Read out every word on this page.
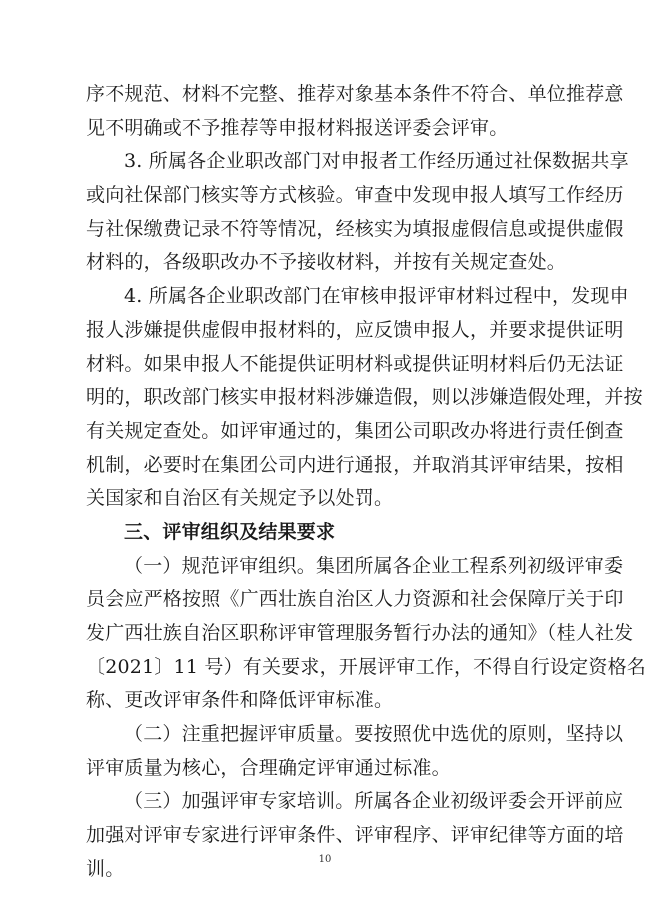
序不规范、材料不完整、推荐对象基本条件不符合、单位推荐意
见不明确或不予推荐等申报材料报送评委会评审。
3. 所属各企业职改部门对申报者工作经历通过社保数据共享
或向社保部门核实等方式核验。审查中发现申报人填写工作经历
与社保缴费记录不符等情况，经核实为填报虚假信息或提供虚假
材料的，各级职改办不予接收材料，并按有关规定查处。
4. 所属各企业职改部门在审核申报评审材料过程中，发现申
报人涉嫌提供虚假申报材料的，应反馈申报人，并要求提供证明
材料。如果申报人不能提供证明材料或提供证明材料后仍无法证
明的，职改部门核实申报材料涉嫌造假，则以涉嫌造假处理，并按
有关规定查处。如评审通过的，集团公司职改办将进行责任倒查
机制，必要时在集团公司内进行通报，并取消其评审结果，按相
关国家和自治区有关规定予以处罚。
三、评审组织及结果要求
（一）规范评审组织。集团所属各企业工程系列初级评审委
员会应严格按照《广西壮族自治区人力资源和社会保障厅关于印
发广西壮族自治区职称评审管理服务暂行办法的通知》（桂人社发
〔2021〕11 号）有关要求，开展评审工作，不得自行设定资格名
称、更改评审条件和降低评审标准。
（二）注重把握评审质量。要按照优中选优的原则，坚持以
评审质量为核心，合理确定评审通过标准。
（三）加强评审专家培训。所属各企业初级评委会开评前应
加强对评审专家进行评审条件、评审程序、评审纪律等方面的培
训。	10
